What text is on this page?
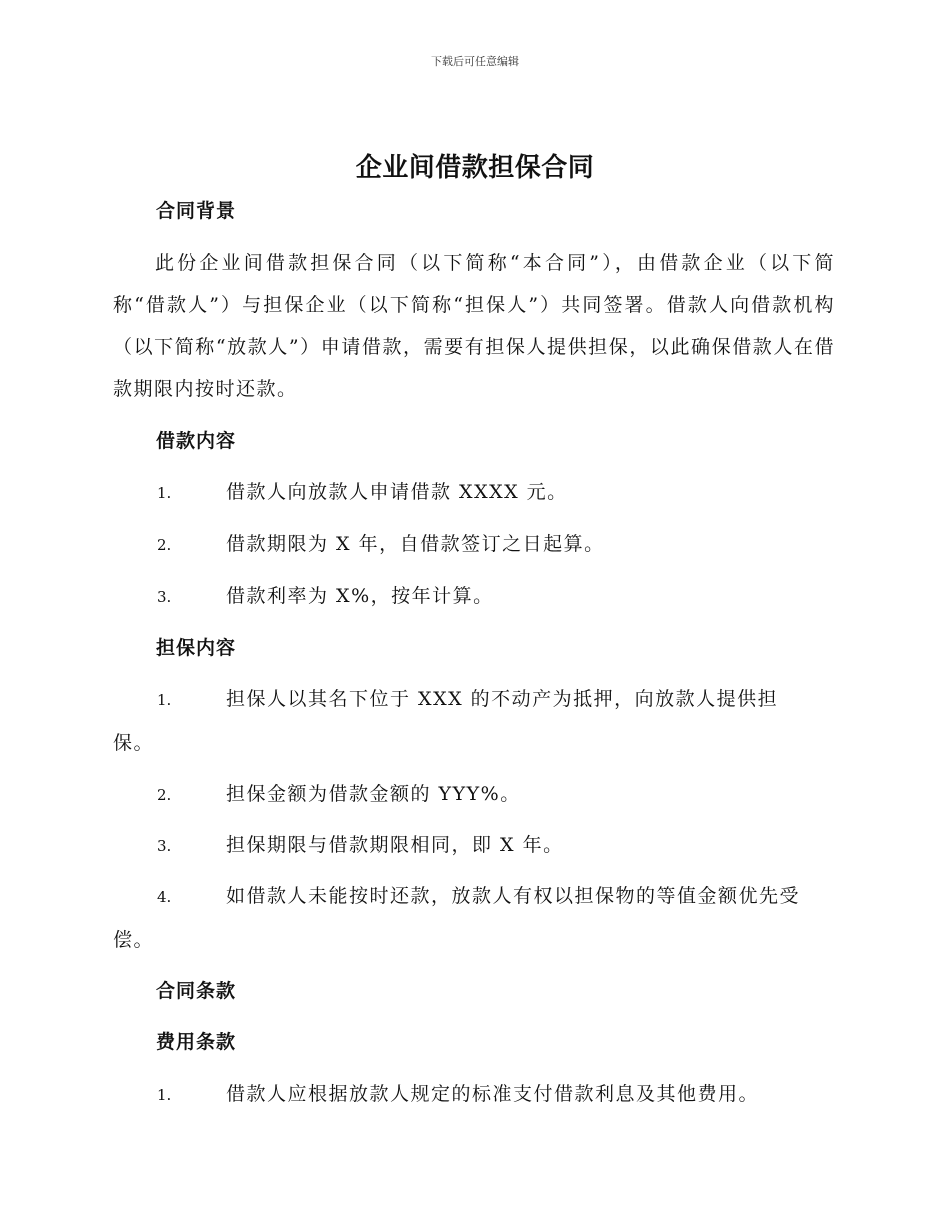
下载后可任意编辑
企业间借款担保合同
合同背景
此份企业间借款担保合同（以下简称“本合同”），由借款企业（以下简称“借款人”）与担保企业（以下简称“担保人”）共同签署。借款人向借款机构（以下简称“放款人”）申请借款，需要有担保人提供担保，以此确保借款人在借款期限内按时还款。
借款内容
1.	借款人向放款人申请借款 XXXX 元。
2.	借款期限为 X 年，自借款签订之日起算。
3.	借款利率为 X%，按年计算。
担保内容
1.	担保人以其名下位于 XXX 的不动产为抵押，向放款人提供担
保。
2.	担保金额为借款金额的 YYY%。
3.	担保期限与借款期限相同，即 X 年。
4.	如借款人未能按时还款，放款人有权以担保物的等值金额优先受
偿。
合同条款
费用条款
1.	借款人应根据放款人规定的标准支付借款利息及其他费用。
